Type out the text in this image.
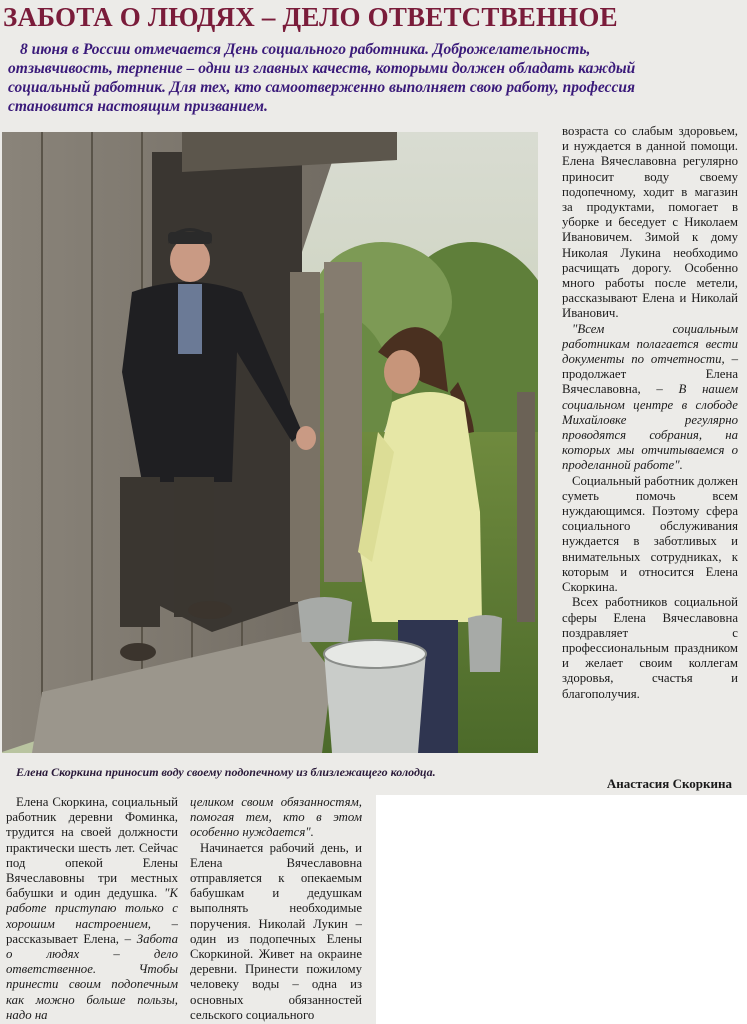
ЗАБОТА О ЛЮДЯХ – ДЕЛО ОТВЕТСТВЕННОЕ
8 июня в России отмечается День социального работника. Доброжелательность, отзывчивость, терпение – одни из главных качеств, которыми должен обладать каждый социальный работник. Для тех, кто самоотверженно выполняет свою работу, профессия становится настоящим призванием.
Елена Скоркина приносит воду своему подопечному из близлежащего колодца.

возраста со слабым здоровьем, и нуждается в данной помощи. Елена Вячеславовна регулярно приносит воду своему подопечному, ходит в магазин за продуктами, помогает в уборке и беседует с Николаем Ивановичем. Зимой к дому Николая Лукина необходимо расчищать дорогу. Особенно много работы после метели, рассказывают Елена и Николай Иванович.

"Всем социальным работникам полагается вести документы по отчетности, – продолжает Елена Вячеславовна, – В нашем социальном центре в слободе Михайловке регулярно проводятся собрания, на которых мы отчитываемся о проделанной работе".

Социальный работник должен суметь помочь всем нуждающимся. Поэтому сфера социального обслуживания нуждается в заботливых и внимательных сотрудниках, к которым и относится Елена Скоркина.

Всех работников социальной сферы Елена Вячеславовна поздравляет с профессиональным праздником и желает своим коллегам здоровья, счастья и благополучия.

Анастасия Скоркина

Елена Скоркина, социальный работник деревни Фоминка, трудится на своей должности практически шесть лет. Сейчас под опекой Елены Вячеславовны три местных бабушки и один дедушка. "К работе приступаю только с хорошим настроением, – рассказывает Елена, – Забота о людях – дело ответственное. Чтобы принести своим подопечным как можно больше пользы, надо на

целиком своим обязанностям, помогая тем, кто в этом особенно нуждается".

Начинается рабочий день, и Елена Вячеславовна отправляется к опекаемым бабушкам и дедушкам выполнять необходимые поручения. Николай Лукин – один из подопечных Елены Скоркиной. Живет на окраине деревни. Принести пожилому человеку воды – одна из основных обязанностей сельского социального
